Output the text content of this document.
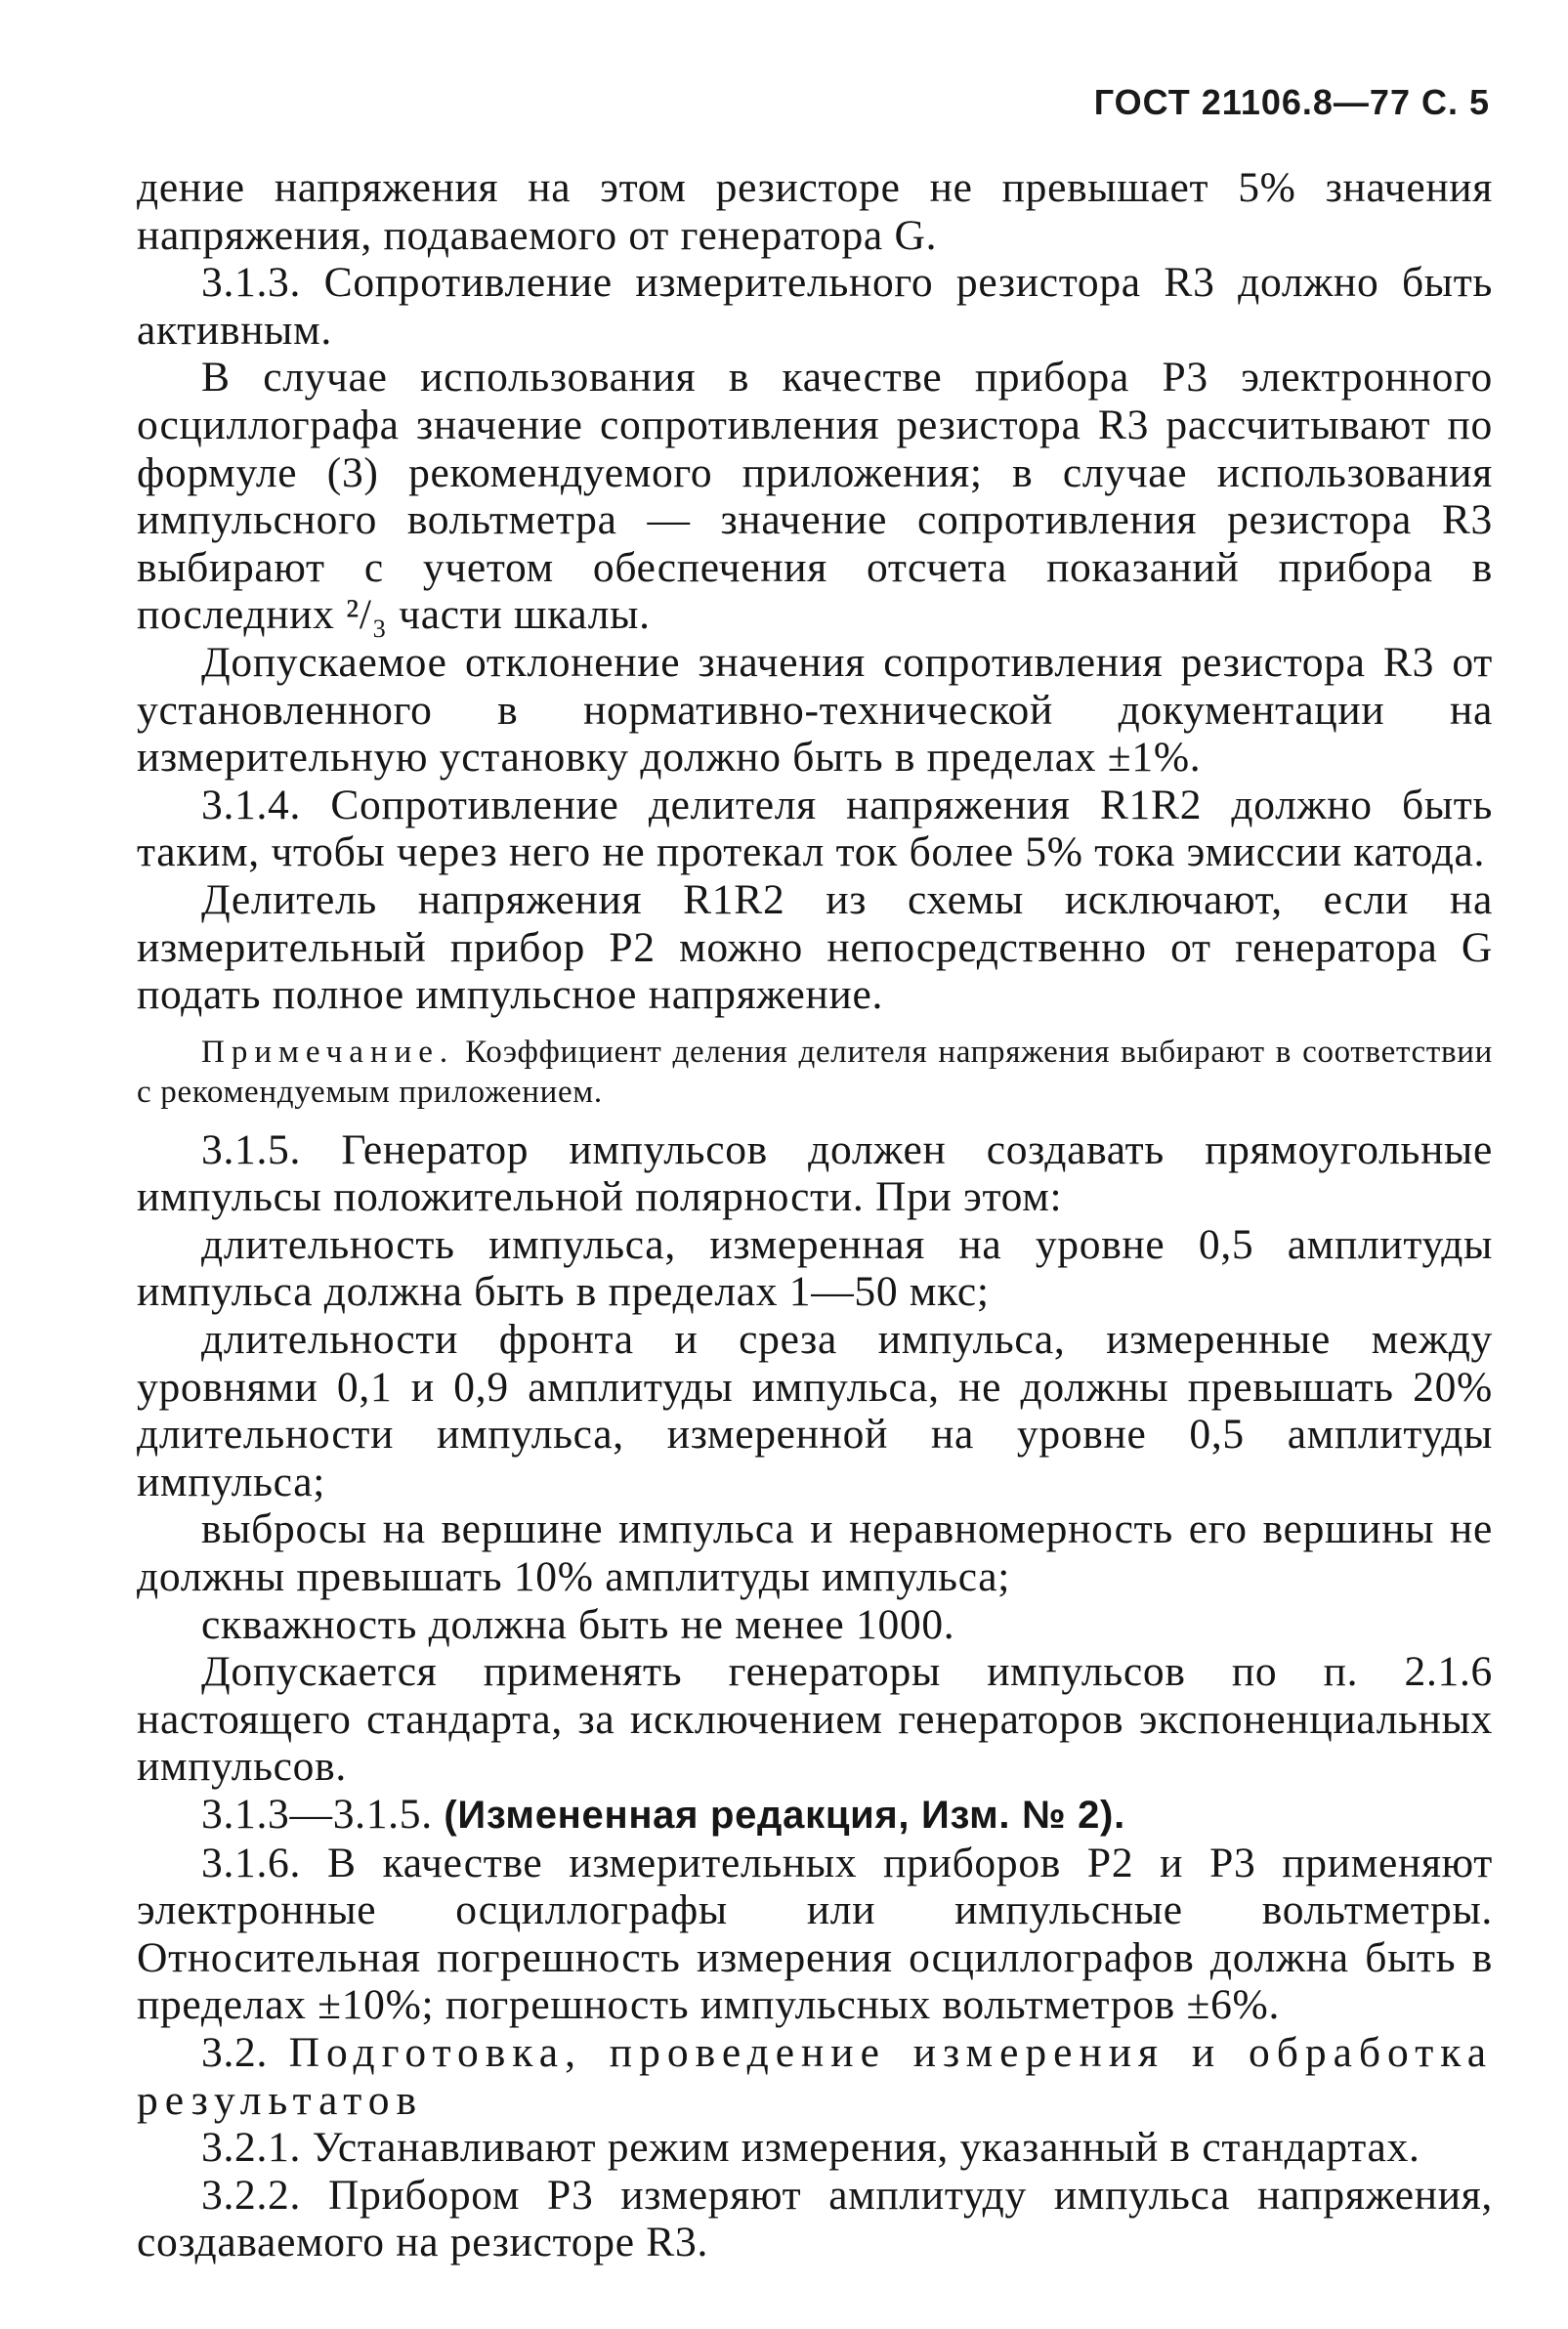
ГОСТ 21106.8—77 С. 5

дение напряжения на этом резисторе не превышает 5% значения напряжения, подаваемого от генератора G.

3.1.3. Сопротивление измерительного резистора R3 должно быть активным.

В случае использования в качестве прибора Р3 электронного осциллографа значение сопротивления резистора R3 рассчитывают по формуле (3) рекомендуемого приложения; в случае использования импульсного вольтметра — значение сопротивления резистора R3 выбирают с учетом обеспечения отсчета показаний прибора в последних ²/₃ части шкалы.

Допускаемое отклонение значения сопротивления резистора R3 от установленного в нормативно-технической документации на измерительную установку должно быть в пределах ±1%.

3.1.4. Сопротивление делителя напряжения R1R2 должно быть таким, чтобы через него не протекал ток более 5% тока эмиссии катода.

Делитель напряжения R1R2 из схемы исключают, если на измерительный прибор Р2 можно непосредственно от генератора G подать полное импульсное напряжение.

Примечание. Коэффициент деления делителя напряжения выбирают в соответствии с рекомендуемым приложением.

3.1.5. Генератор импульсов должен создавать прямоугольные импульсы положительной полярности. При этом:

длительность импульса, измеренная на уровне 0,5 амплитуды импульса должна быть в пределах 1—50 мкс;

длительности фронта и среза импульса, измеренные между уровнями 0,1 и 0,9 амплитуды импульса, не должны превышать 20% длительности импульса, измеренной на уровне 0,5 амплитуды импульса;

выбросы на вершине импульса и неравномерность его вершины не должны превышать 10% амплитуды импульса;

скважность должна быть не менее 1000.

Допускается применять генераторы импульсов по п. 2.1.6 настоящего стандарта, за исключением генераторов экспоненциальных импульсов.

3.1.3—3.1.5. (Измененная редакция, Изм. № 2).

3.1.6. В качестве измерительных приборов Р2 и Р3 применяют электронные осциллографы или импульсные вольтметры. Относительная погрешность измерения осциллографов должна быть в пределах ±10%; погрешность импульсных вольтметров ±6%.

3.2. Подготовка, проведение измерения и обработка результатов

3.2.1. Устанавливают режим измерения, указанный в стандартах.

3.2.2. Прибором Р3 измеряют амплитуду импульса напряжения, создаваемого на резисторе R3.
